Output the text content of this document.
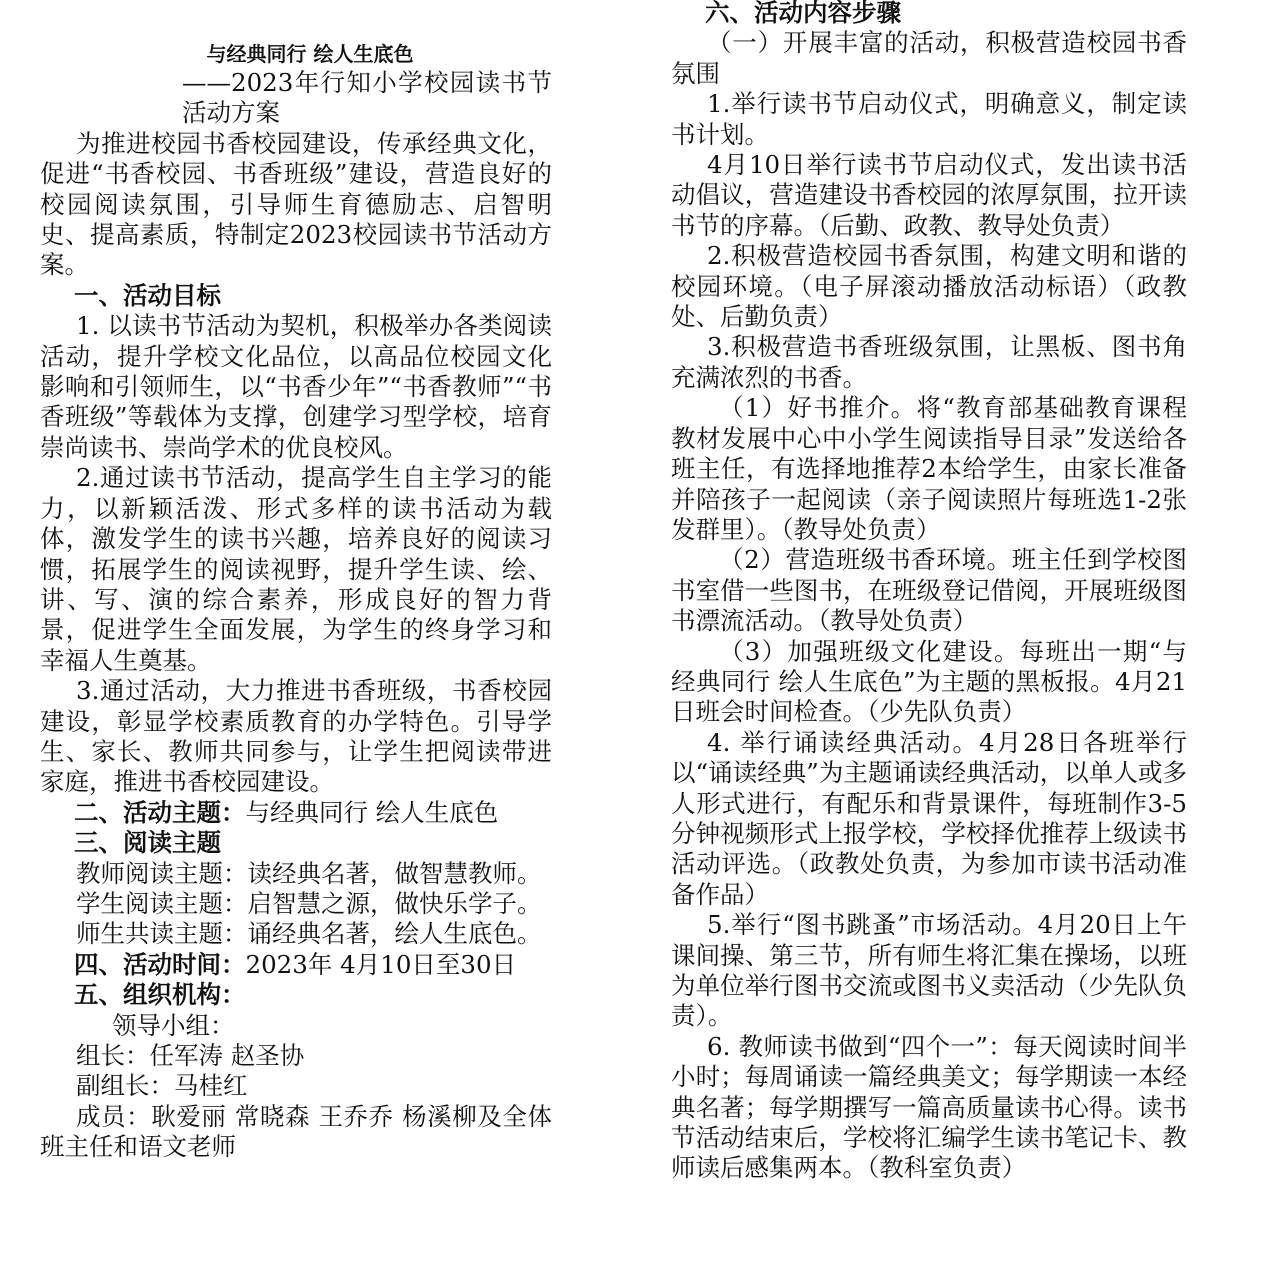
与经典同行 绘人生底色

——2023年行知小学校园读书节活动方案

为推进校园书香校园建设，传承经典文化，促进“书香校园、书香班级”建设，营造良好的校园阅读氛围，引导师生育德励志、启智明史、提高素质，特制定2023校园读书节活动方案。

一、活动目标

1. 以读书节活动为契机，积极举办各类阅读活动，提升学校文化品位，以高品位校园文化影响和引领师生，以“书香少年”“书香教师”“书香班级”等载体为支撑，创建学习型学校，培育崇尚读书、崇尚学术的优良校风。

2.通过读书节活动，提高学生自主学习的能力，以新颖活泼、形式多样的读书活动为载体，激发学生的读书兴趣，培养良好的阅读习惯，拓展学生的阅读视野，提升学生读、绘、讲、写、演的综合素养，形成良好的智力背景，促进学生全面发展，为学生的终身学习和幸福人生奠基。

3.通过活动，大力推进书香班级，书香校园建设，彰显学校素质教育的办学特色。引导学生、家长、教师共同参与，让学生把阅读带进家庭，推进书香校园建设。

二、活动主题：与经典同行 绘人生底色

三、阅读主题

教师阅读主题：读经典名著，做智慧教师。

学生阅读主题：启智慧之源，做快乐学子。

师生共读主题：诵经典名著，绘人生底色。

四、活动时间：2023年 4月10日至30日

五、组织机构：

领导小组：

组长：任军涛 赵圣协

副组长：马桂红

成员：耿爱丽 常晓森 王乔乔 杨溪柳及全体班主任和语文老师

六、活动内容步骤

（一）开展丰富的活动，积极营造校园书香氛围

1.举行读书节启动仪式，明确意义，制定读书计划。

4月10日举行读书节启动仪式，发出读书活动倡议，营造建设书香校园的浓厚氛围，拉开读书节的序幕。（后勤、政教、教导处负责）

2.积极营造校园书香氛围，构建文明和谐的校园环境。（电子屏滚动播放活动标语）（政教处、后勤负责）

3.积极营造书香班级氛围，让黑板、图书角充满浓烈的书香。

（1）好书推介。将“教育部基础教育课程教材发展中心中小学生阅读指导目录”发送给各班主任，有选择地推荐2本给学生，由家长准备并陪孩子一起阅读（亲子阅读照片每班选1-2张发群里）。（教导处负责）

（2）营造班级书香环境。班主任到学校图书室借一些图书，在班级登记借阅，开展班级图书漂流活动。（教导处负责）

（3）加强班级文化建设。每班出一期“与经典同行 绘人生底色”为主题的黑板报。4月21日班会时间检查。（少先队负责）

4. 举行诵读经典活动。4月28日各班举行以“诵读经典”为主题诵读经典活动，以单人或多人形式进行，有配乐和背景课件，每班制作3-5分钟视频形式上报学校，学校择优推荐上级读书活动评选。（政教处负责，为参加市读书活动准备作品）

5.举行“图书跳蚤”市场活动。4月20日上午课间操、第三节，所有师生将汇集在操场，以班为单位举行图书交流或图书义卖活动（少先队负责）。

6. 教师读书做到“四个一”：每天阅读时间半小时；每周诵读一篇经典美文；每学期读一本经典名著；每学期撰写一篇高质量读书心得。读书节活动结束后，学校将汇编学生读书笔记卡、教师读后感集两本。（教科室负责）
